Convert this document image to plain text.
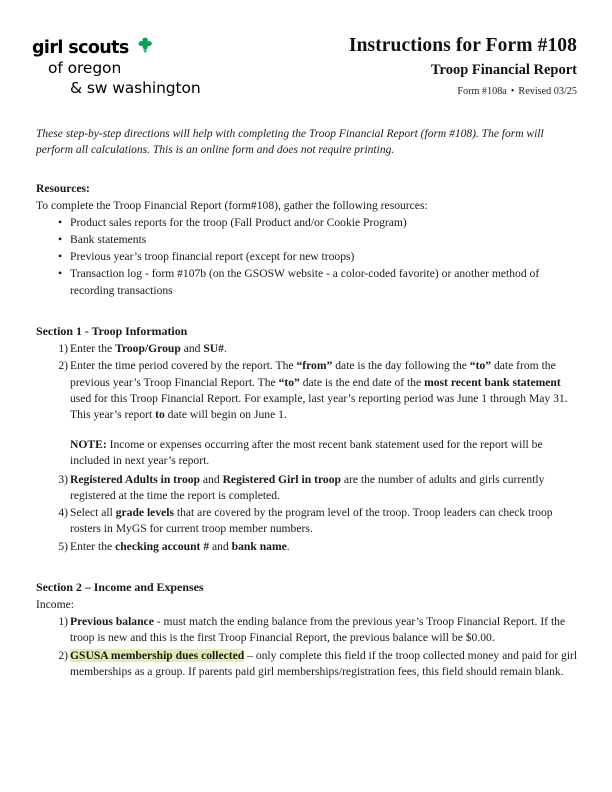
girl scouts
of oregon
& sw washington
Instructions for Form #108
Troop Financial Report
Form #108a • Revised 03/25

These step-by-step directions will help with completing the Troop Financial Report (form #108). The form will perform all calculations. This is an online form and does not require printing.

Resources:
To complete the Troop Financial Report (form#108), gather the following resources:
• Product sales reports for the troop (Fall Product and/or Cookie Program)
• Bank statements
• Previous year’s troop financial report (except for new troops)
• Transaction log - form #107b (on the GSOSW website - a color-coded favorite) or another method of recording transactions
Section 1 - Troop Information
Enter the Troop/Group and SU#.
Enter the time period covered by the report. The “from” date is the day following the “to” date from the previous year’s Troop Financial Report. The “to” date is the end date of the most recent bank statement used for this Troop Financial Report. For example, last year’s reporting period was June 1 through May 31. This year’s report to date will begin on June 1.
NOTE: Income or expenses occurring after the most recent bank statement used for the report will be included in next year’s report.
Registered Adults in troop and Registered Girl in troop are the number of adults and girls currently registered at the time the report is completed.
Select all grade levels that are covered by the program level of the troop. Troop leaders can check troop rosters in MyGS for current troop member numbers.
Enter the checking account # and bank name.
Section 2 – Income and Expenses
Income:
Previous balance - must match the ending balance from the previous year’s Troop Financial Report. If the troop is new and this is the first Troop Financial Report, the previous balance will be $0.00.
GSUSA membership dues collected – only complete this field if the troop collected money and paid for girl memberships as a group. If parents paid girl memberships/registration fees, this field should remain blank.
